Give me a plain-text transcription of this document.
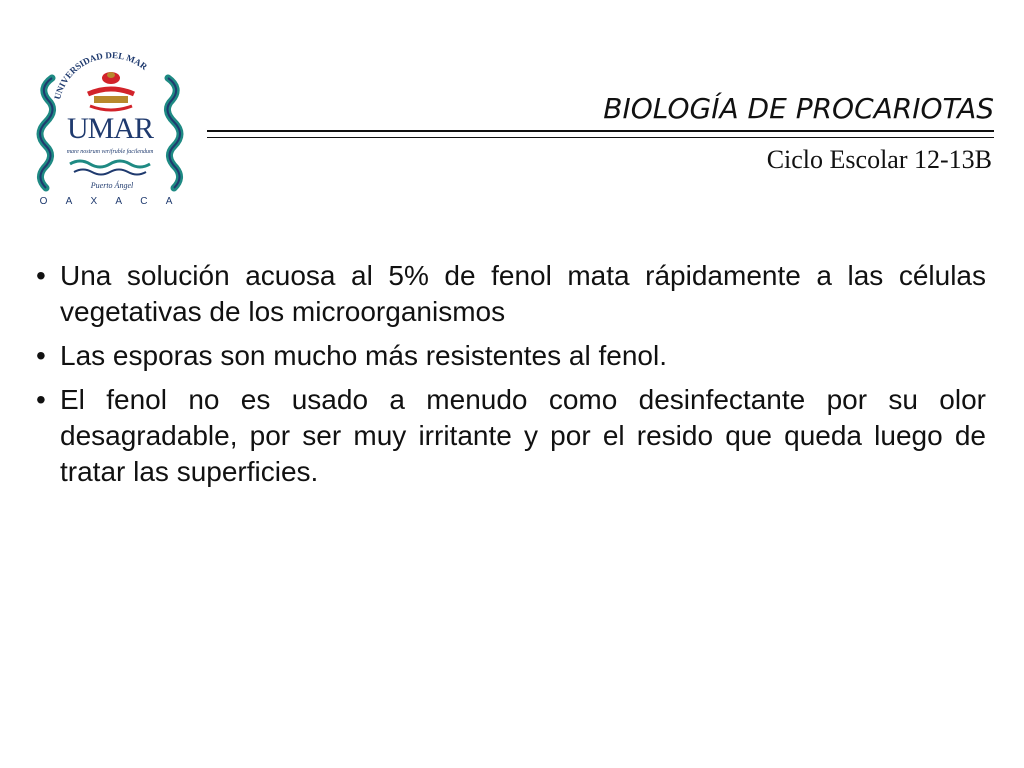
UNIVERSIDAD DEL MAR
UMAR
mare nostrum verifruble facilendum
Puerto Ángel
O A X A C A
BIOLOGÍA DE PROCARIOTAS
Ciclo Escolar 12-13B
• Una solución acuosa al 5% de fenol mata rápidamente a las células vegetativas de los microorganismos
• Las esporas son mucho más resistentes al fenol.
• El fenol no es usado a menudo como desinfectante por su olor desagradable, por ser muy irritante y por el resido que queda luego de tratar las superficies.
